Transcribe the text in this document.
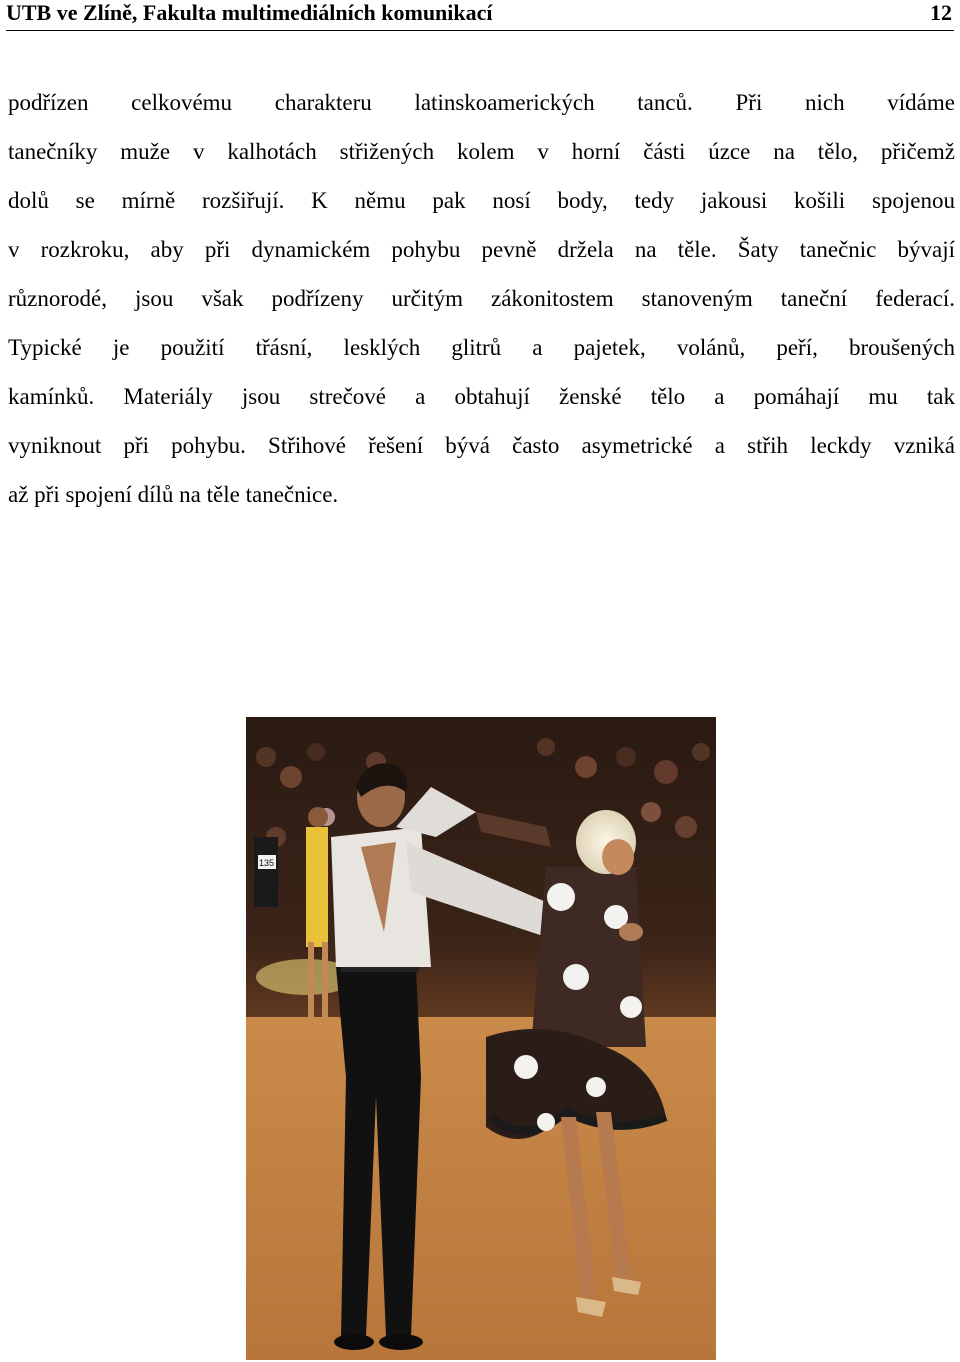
UTB ve Zlíně, Fakulta multimediálních komunikací	12
podřízen celkovému charakteru latinskoamerických tanců. Při nich vídáme
tanečníky muže v kalhotách střižených kolem v horní části úzce na tělo, přičemž
dolů se mírně rozšiřují. K němu pak nosí body, tedy jakousi košili spojenou
v rozkroku, aby při dynamickém pohybu pevně držela na těle. Šaty tanečnic bývají
různorodé, jsou však podřízeny určitým zákonitostem stanoveným taneční federací.
Typické je použití třásní, lesklých glitrů a pajetek, volánů, peří, broušených
kamínků. Materiály jsou strečové a obtahují ženské tělo a pomáhají mu tak
vyniknout při pohybu. Střihové řešení bývá často asymetrické a střih leckdy vzniká
až při spojení dílů na těle tanečnice.
135
